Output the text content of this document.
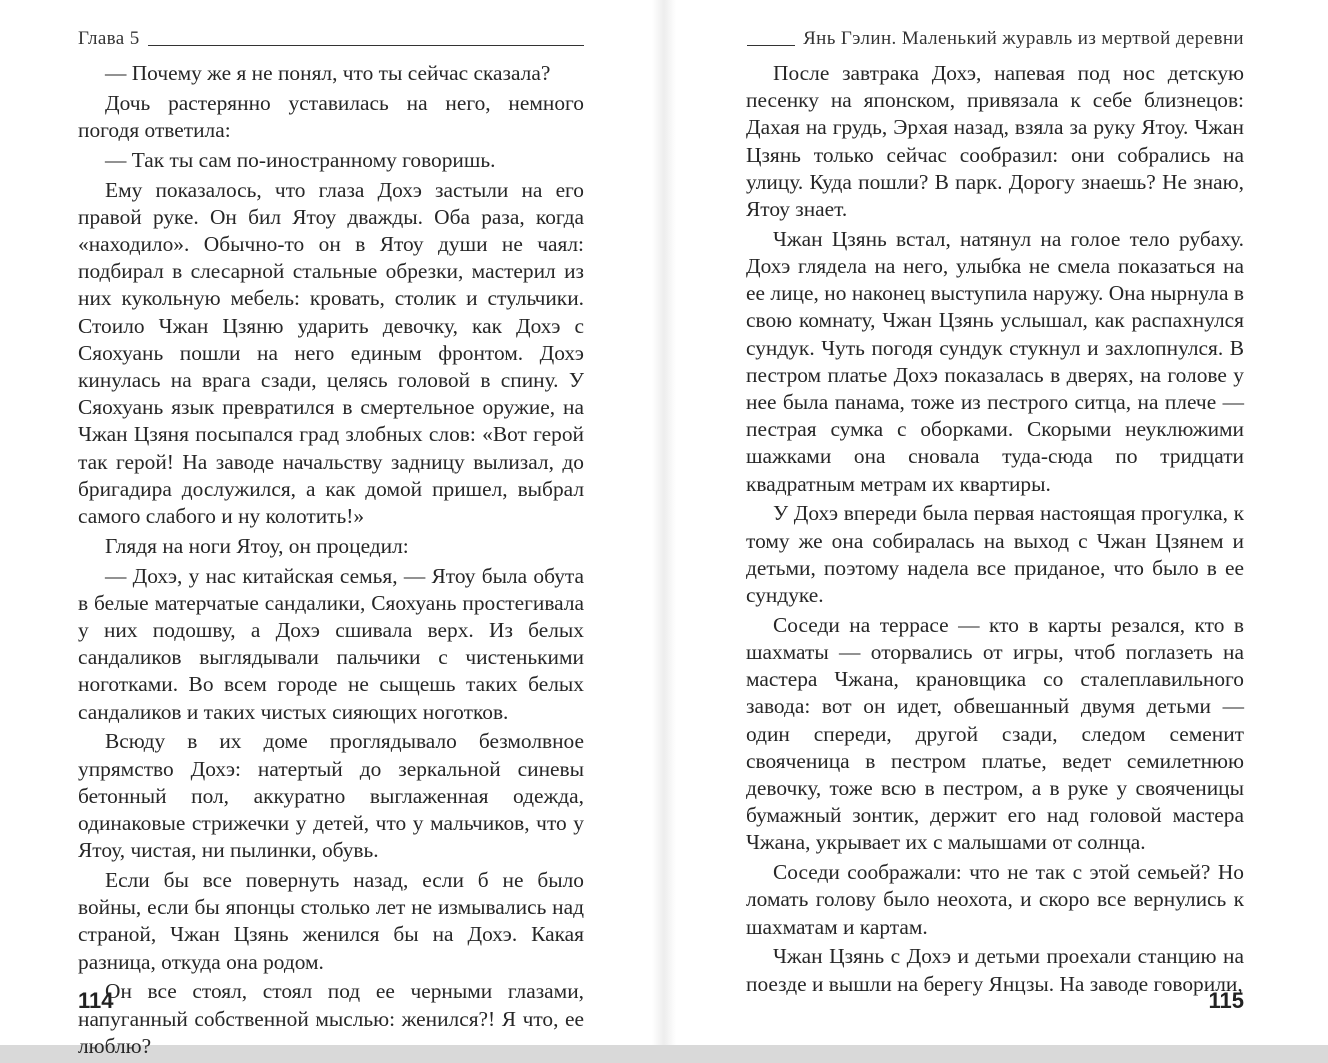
Глава 5

— Почему же я не понял, что ты сейчас сказала?

Дочь растерянно уставилась на него, немного погодя ответила:

— Так ты сам по-иностранному говоришь.

Ему показалось, что глаза Дохэ застыли на его правой руке. Он бил Ятоу дважды. Оба раза, когда «находило». Обычно-то он в Ятоу души не чаял: подбирал в слесарной стальные обрезки, мастерил из них кукольную мебель: кровать, столик и стульчики. Стоило Чжан Цзяню ударить девочку, как Дохэ с Сяохуань пошли на него единым фронтом. Дохэ кинулась на врага сзади, целясь головой в спину. У Сяохуань язык превратился в смертельное оружие, на Чжан Цзяня посыпался град злобных слов: «Вот герой так герой! На заводе начальству задницу вылизал, до бригадира дослужился, а как домой пришел, выбрал самого слабого и ну колотить!»

Глядя на ноги Ятоу, он процедил:

— Дохэ, у нас китайская семья, — Ятоу была обута в белые матерчатые сандалики, Сяохуань простегивала у них подошву, а Дохэ сшивала верх. Из белых сандаликов выглядывали пальчики с чистенькими ноготками. Во всем городе не сыщешь таких белых сандаликов и таких чистых сияющих ноготков.

Всюду в их доме проглядывало безмолвное упрямство Дохэ: натертый до зеркальной синевы бетонный пол, аккуратно выглаженная одежда, одинаковые стрижечки у детей, что у мальчиков, что у Ятоу, чистая, ни пылинки, обувь.

Если бы все повернуть назад, если б не было войны, если бы японцы столько лет не измывались над страной, Чжан Цзянь женился бы на Дохэ. Какая разница, откуда она родом.

Он все стоял, стоял под ее черными глазами, напуганный собственной мыслью: женился?! Я что, ее люблю?

114
Янь Гэлин. Маленький журавль из мертвой деревни

После завтрака Дохэ, напевая под нос детскую песенку на японском, привязала к себе близнецов: Дахая на грудь, Эрхая назад, взяла за руку Ятоу. Чжан Цзянь только сейчас сообразил: они собрались на улицу. Куда пошли? В парк. Дорогу знаешь? Не знаю, Ятоу знает.

Чжан Цзянь встал, натянул на голое тело рубаху. Дохэ глядела на него, улыбка не смела показаться на ее лице, но наконец выступила наружу. Она нырнула в свою комнату, Чжан Цзянь услышал, как распахнулся сундук. Чуть погодя сундук стукнул и захлопнулся. В пестром платье Дохэ показалась в дверях, на голове у нее была панама, тоже из пестрого ситца, на плече — пестрая сумка с оборками. Скорыми неуклюжими шажками она сновала туда-сюда по тридцати квадратным метрам их квартиры.

У Дохэ впереди была первая настоящая прогулка, к тому же она собиралась на выход с Чжан Цзянем и детьми, поэтому надела все приданое, что было в ее сундуке.

Соседи на террасе — кто в карты резался, кто в шахматы — оторвались от игры, чтоб поглазеть на мастера Чжана, крановщика со сталеплавильного завода: вот он идет, обвешанный двумя детьми — один спереди, другой сзади, следом семенит свояченица в пестром платье, ведет семилетнюю девочку, тоже всю в пестром, а в руке у свояченицы бумажный зонтик, держит его над головой мастера Чжана, укрывает их с малышами от солнца.

Соседи соображали: что не так с этой семьей? Но ломать голову было неохота, и скоро все вернулись к шахматам и картам.

Чжан Цзянь с Дохэ и детьми проехали станцию на поезде и вышли на берегу Янцзы. На заводе говорили,

115
